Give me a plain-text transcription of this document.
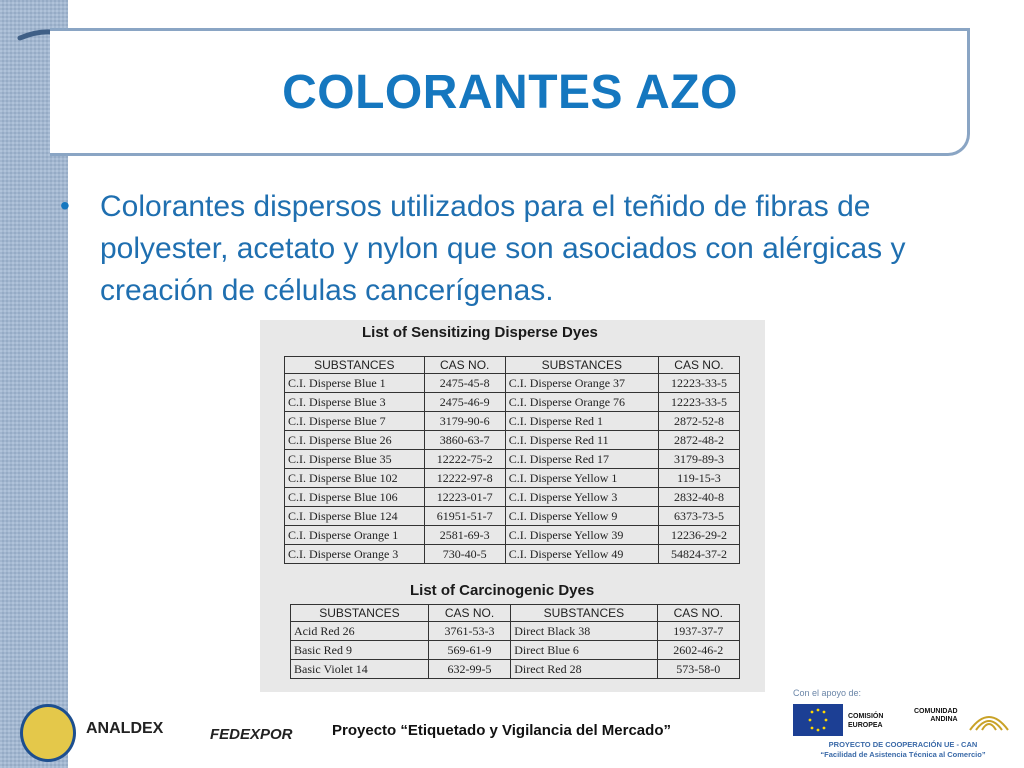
COLORANTES AZO
• Colorantes dispersos utilizados para el teñido de fibras de polyester, acetato y nylon que son asociados con alérgicas y creación de células cancerígenas.
List of Sensitizing Disperse Dyes
SUBSTANCES	CAS NO.	SUBSTANCES	CAS NO.
C.I. Disperse Blue 1	2475-45-8	C.I. Disperse Orange 37	12223-33-5
C.I. Disperse Blue 3	2475-46-9	C.I. Disperse Orange 76	12223-33-5
C.I. Disperse Blue 7	3179-90-6	C.I. Disperse Red 1	2872-52-8
C.I. Disperse Blue 26	3860-63-7	C.I. Disperse Red 11	2872-48-2
C.I. Disperse Blue 35	12222-75-2	C.I. Disperse Red 17	3179-89-3
C.I. Disperse Blue 102	12222-97-8	C.I. Disperse Yellow 1	119-15-3
C.I. Disperse Blue 106	12223-01-7	C.I. Disperse Yellow 3	2832-40-8
C.I. Disperse Blue 124	61951-51-7	C.I. Disperse Yellow 9	6373-73-5
C.I. Disperse Orange 1	2581-69-3	C.I. Disperse Yellow 39	12236-29-2
C.I. Disperse Orange 3	730-40-5	C.I. Disperse Yellow 49	54824-37-2
List of Carcinogenic Dyes
SUBSTANCES	CAS NO.	SUBSTANCES	CAS NO.
Acid Red 26	3761-53-3	Direct Black 38	1937-37-7
Basic Red 9	569-61-9	Direct Blue 6	2602-46-2
Basic Violet 14	632-99-5	Direct Red 28	573-58-0
ANALDEX	FEDEXPOR	Proyecto “Etiquetado y Vigilancia del Mercado”
Con el apoyo de:
COMISIÓN
EUROPEA
COMUNIDAD
ANDINA
PROYECTO DE COOPERACIÓN UE - CAN
“Facilidad de Asistencia Técnica al Comercio”
